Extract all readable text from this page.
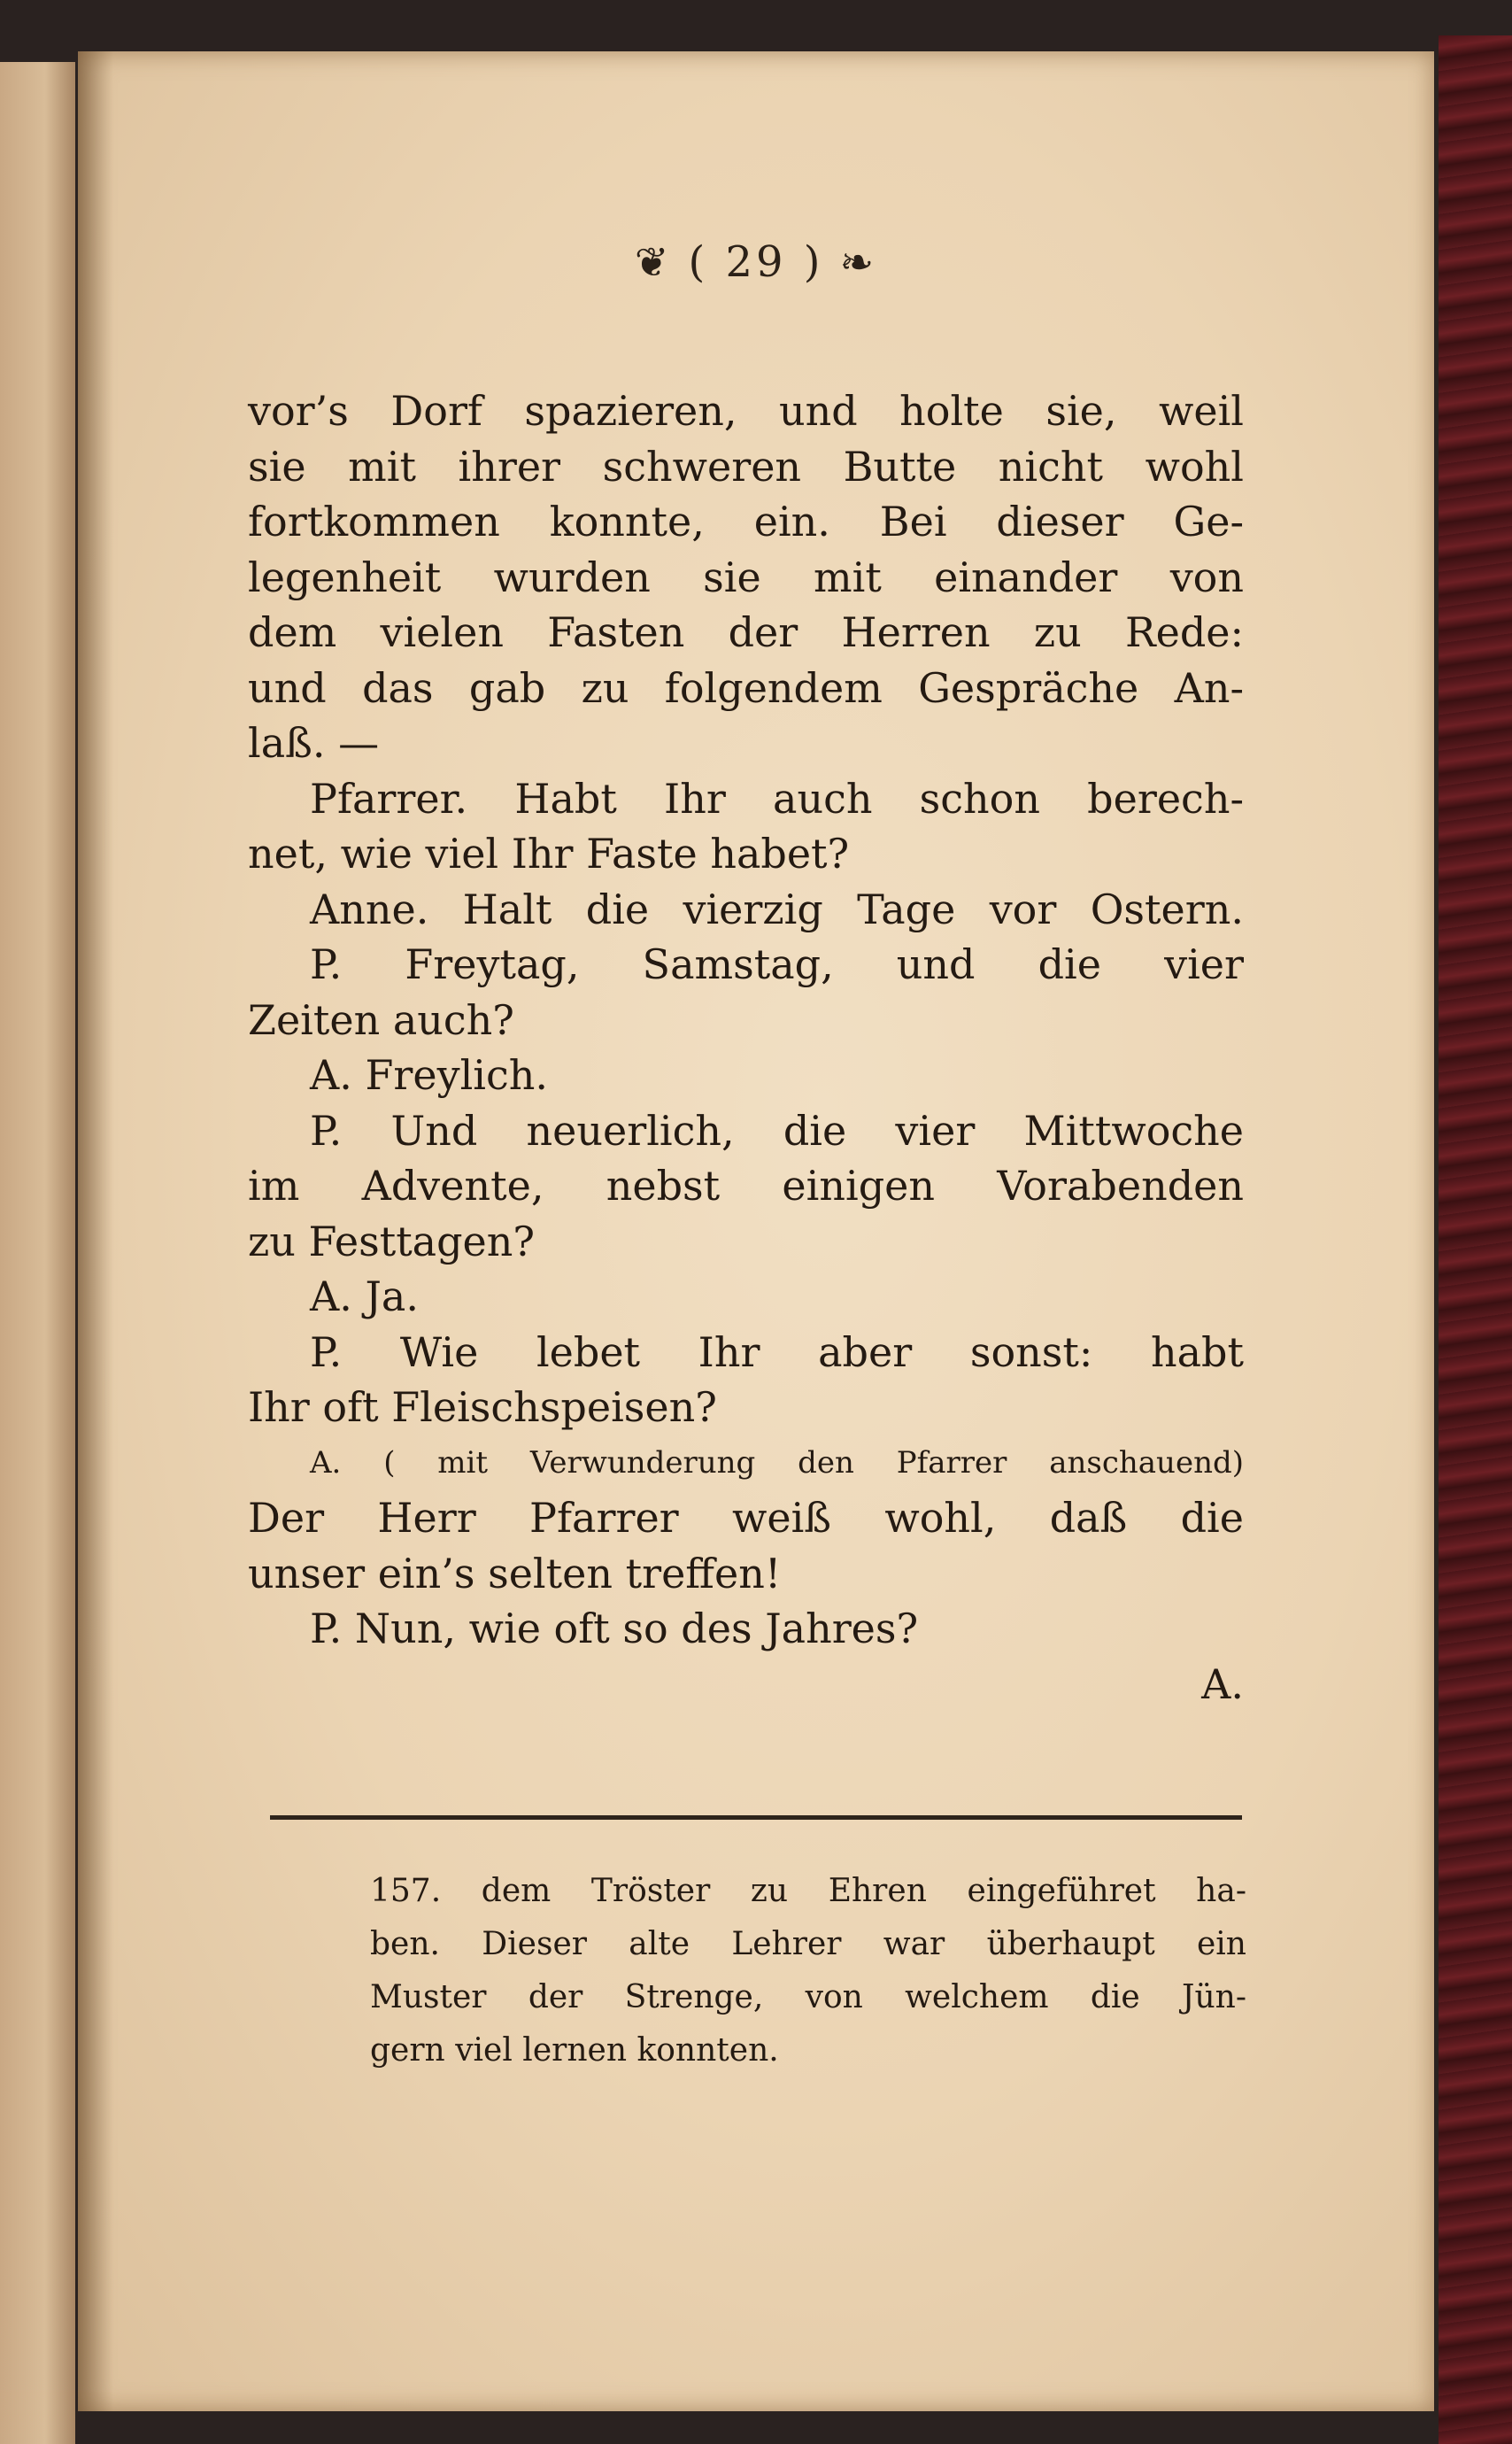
❦ ( 29 ) ❧
vor’s Dorf spazieren, und holte sie, weil
sie mit ihrer schweren Butte nicht wohl
fortkommen konnte, ein. Bei dieser Ge-
legenheit wurden sie mit einander von
dem vielen Fasten der Herren zu Rede:
und das gab zu folgendem Gespräche An-
laß. —
Pfarrer. Habt Ihr auch schon berech-
net, wie viel Ihr Faste habet?
Anne. Halt die vierzig Tage vor Ostern.
P. Freytag, Samstag, und die vier
Zeiten auch?
A. Freylich.
P. Und neuerlich, die vier Mittwoche
im Advente, nebst einigen Vorabenden
zu Festtagen?
A. Ja.
P. Wie lebet Ihr aber sonst: habt
Ihr oft Fleischspeisen?
A. ( mit Verwunderung den Pfarrer anschauend)
Der Herr Pfarrer weiß wohl, daß die
unser ein’s selten treffen!
P. Nun, wie oft so des Jahres?
A.
157. dem Tröster zu Ehren eingeführet ha-
ben. Dieser alte Lehrer war überhaupt ein
Muster der Strenge, von welchem die Jün-
gern viel lernen konnten.
